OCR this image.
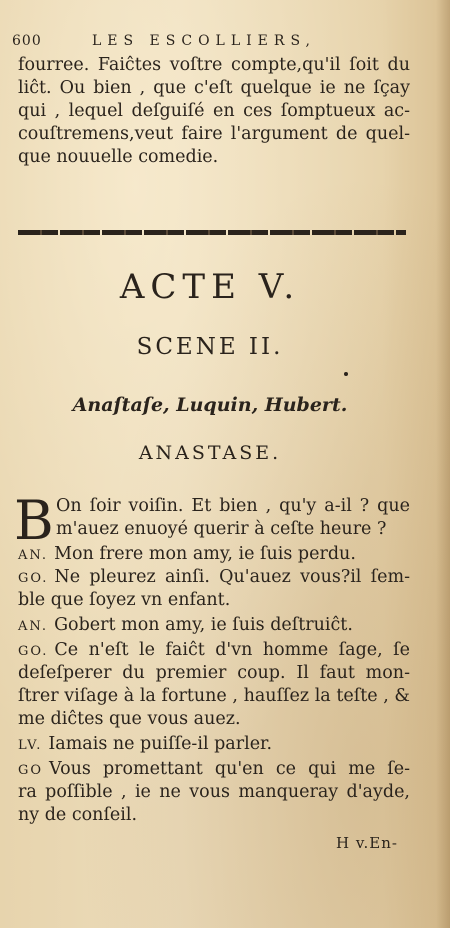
600	LES ESCOLLIERS,
fourree. Faiĉtes voſtre compte,qu'il ſoit du
liĉt. Ou bien , que c'eſt quelque ie ne ſçay
qui , lequel deſguiſé en ces ſomptueux ac-
couſtremens,veut faire l'argument de quel-
que nouuelle comedie.
ACTE V.
SCENE II.
Anaſtaſe, Luquin, Hubert.
ANASTASE.
B On ſoir voiſin. Et bien , qu'y a-il ? que
m'auez enuoyé querir à ceſte heure ?
AN. Mon frere mon amy, ie ſuis perdu.
GO. Ne pleurez ainſi. Qu'auez vous?il ſem-
ble que ſoyez vn enfant.
AN. Gobert mon amy, ie ſuis deſtruiĉt.
GO. Ce n'eſt le faiĉt d'vn homme ſage, ſe
deſeſperer du premier coup. Il faut mon-
ſtrer viſage à la fortune , hauſſez la teſte , &
me diĉtes que vous auez.
LV. Iamais ne puiſſe-il parler.
GO Vous promettant qu'en ce qui me ſe-
ra poſſible , ie ne vous manqueray d'ayde,
ny de conſeil.
H v.En-
